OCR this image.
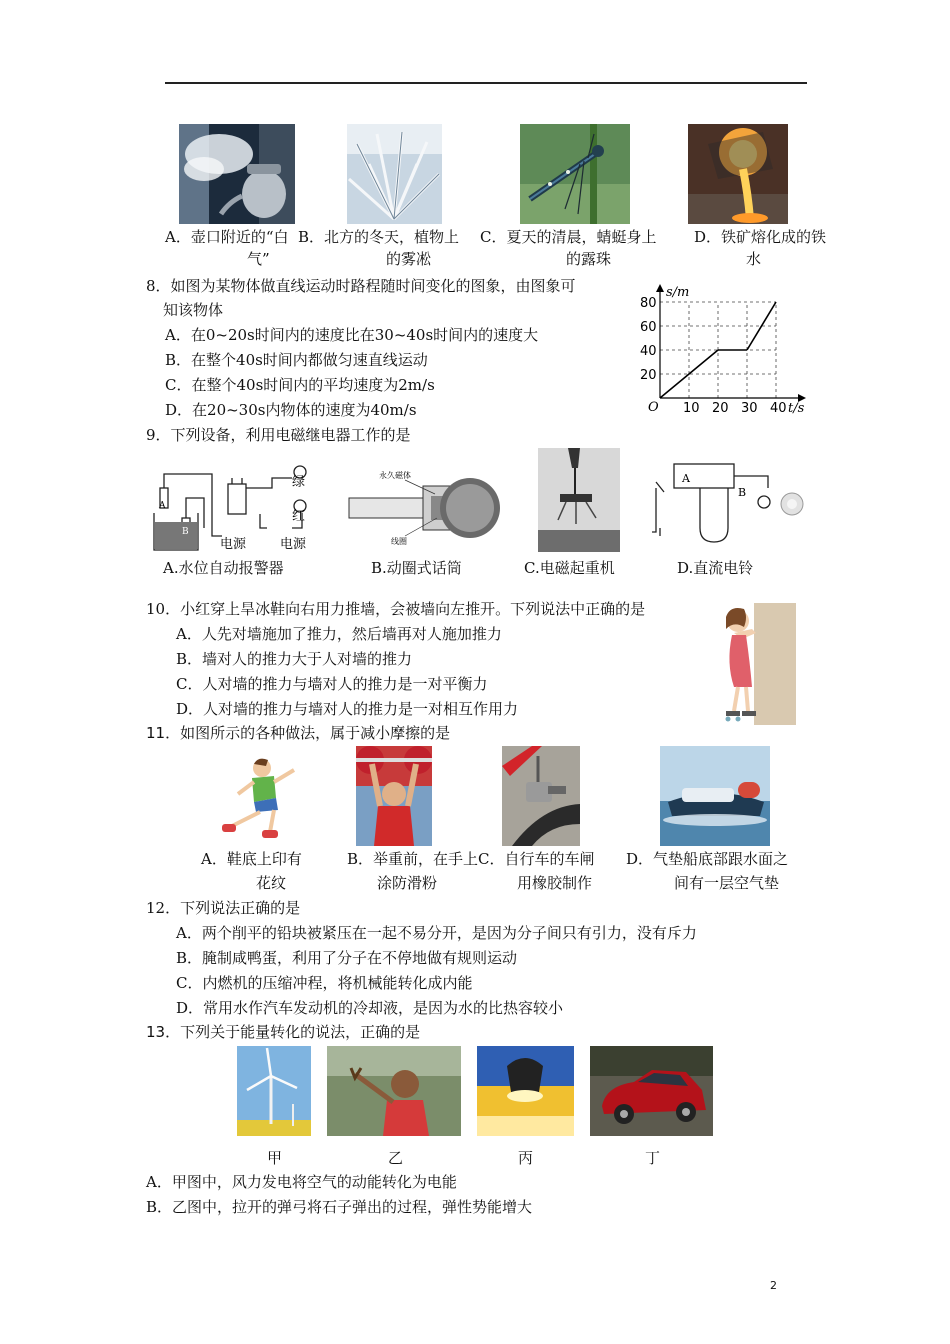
A．壶口附近的“白
气”
B．北方的冬天，植物上
的雾凇
C．夏天的清晨，蜻蜓身上
的露珠
D．铁矿熔化成的铁
水
8．如图为某物体做直线运动时路程随时间变化的图象，由图象可
知该物体
A．在0~20s时间内的速度比在30~40s时间内的速度大
B．在整个40s时间内都做匀速直线运动
C．在整个40s时间内的平均速度为2m/s
D．在20~30s内物体的速度为40m/s
s/m
t/s
O 10 20 30 40
20
40
60
80
9．下列设备，利用电磁继电器工作的是
A
B
绿
红
电源	电源
永久磁体
线圈
A
B
A.水位自动报警器	B.动圈式话筒	C.电磁起重机	D.直流电铃
10．小红穿上旱冰鞋向右用力推墙，会被墙向左推开。下列说法中正确的是
A．人先对墙施加了推力，然后墙再对人施加推力
B．墙对人的推力大于人对墙的推力
C．人对墙的推力与墙对人的推力是一对平衡力
D．人对墙的推力与墙对人的推力是一对相互作用力
11．如图所示的各种做法，属于减小摩擦的是
A．鞋底上印有
花纹
B．举重前，在手上
涂防滑粉
C．自行车的车闸
用橡胶制作
D．气垫船底部跟水面之
间有一层空气垫
12．下列说法正确的是
A．两个削平的铅块被紧压在一起不易分开，是因为分子间只有引力，没有斥力
B．腌制咸鸭蛋，利用了分子在不停地做有规则运动
C．内燃机的压缩冲程，将机械能转化成内能
D．常用水作汽车发动机的冷却液，是因为水的比热容较小
13．下列关于能量转化的说法，正确的是
甲	乙	丙	丁
A．甲图中，风力发电将空气的动能转化为电能
B．乙图中，拉开的弹弓将石子弹出的过程，弹性势能增大
2
